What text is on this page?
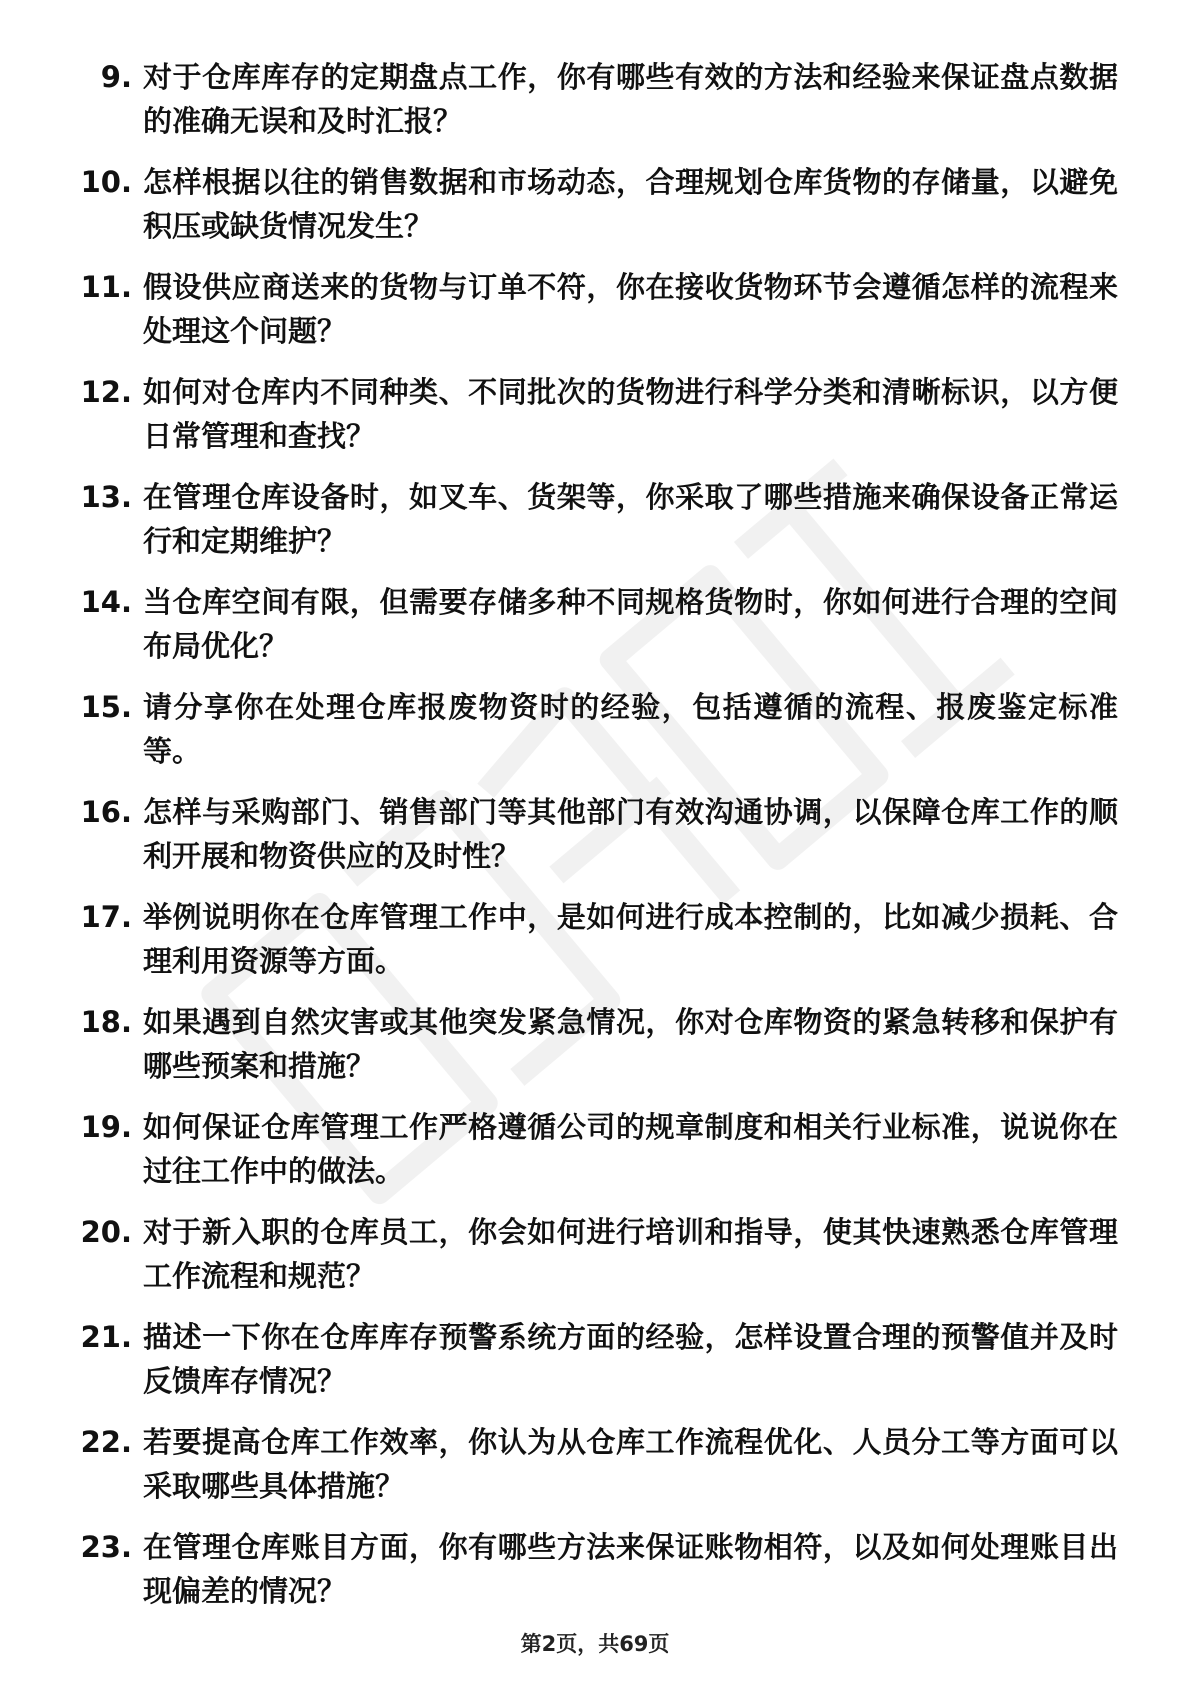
9. 对于仓库库存的定期盘点工作，你有哪些有效的方法和经验来保证盘点数据的准确无误和及时汇报？
10. 怎样根据以往的销售数据和市场动态，合理规划仓库货物的存储量，以避免积压或缺货情况发生？
11. 假设供应商送来的货物与订单不符，你在接收货物环节会遵循怎样的流程来处理这个问题？
12. 如何对仓库内不同种类、不同批次的货物进行科学分类和清晰标识，以方便日常管理和查找？
13. 在管理仓库设备时，如叉车、货架等，你采取了哪些措施来确保设备正常运行和定期维护？
14. 当仓库空间有限，但需要存储多种不同规格货物时，你如何进行合理的空间布局优化？
15. 请分享你在处理仓库报废物资时的经验，包括遵循的流程、报废鉴定标准等。
16. 怎样与采购部门、销售部门等其他部门有效沟通协调，以保障仓库工作的顺利开展和物资供应的及时性？
17. 举例说明你在仓库管理工作中，是如何进行成本控制的，比如减少损耗、合理利用资源等方面。
18. 如果遇到自然灾害或其他突发紧急情况，你对仓库物资的紧急转移和保护有哪些预案和措施？
19. 如何保证仓库管理工作严格遵循公司的规章制度和相关行业标准，说说你在过往工作中的做法。
20. 对于新入职的仓库员工，你会如何进行培训和指导，使其快速熟悉仓库管理工作流程和规范？
21. 描述一下你在仓库库存预警系统方面的经验，怎样设置合理的预警值并及时反馈库存情况？
22. 若要提高仓库工作效率，你认为从仓库工作流程优化、人员分工等方面可以采取哪些具体措施？
23. 在管理仓库账目方面，你有哪些方法来保证账物相符，以及如何处理账目出现偏差的情况？
第2页，共69页
